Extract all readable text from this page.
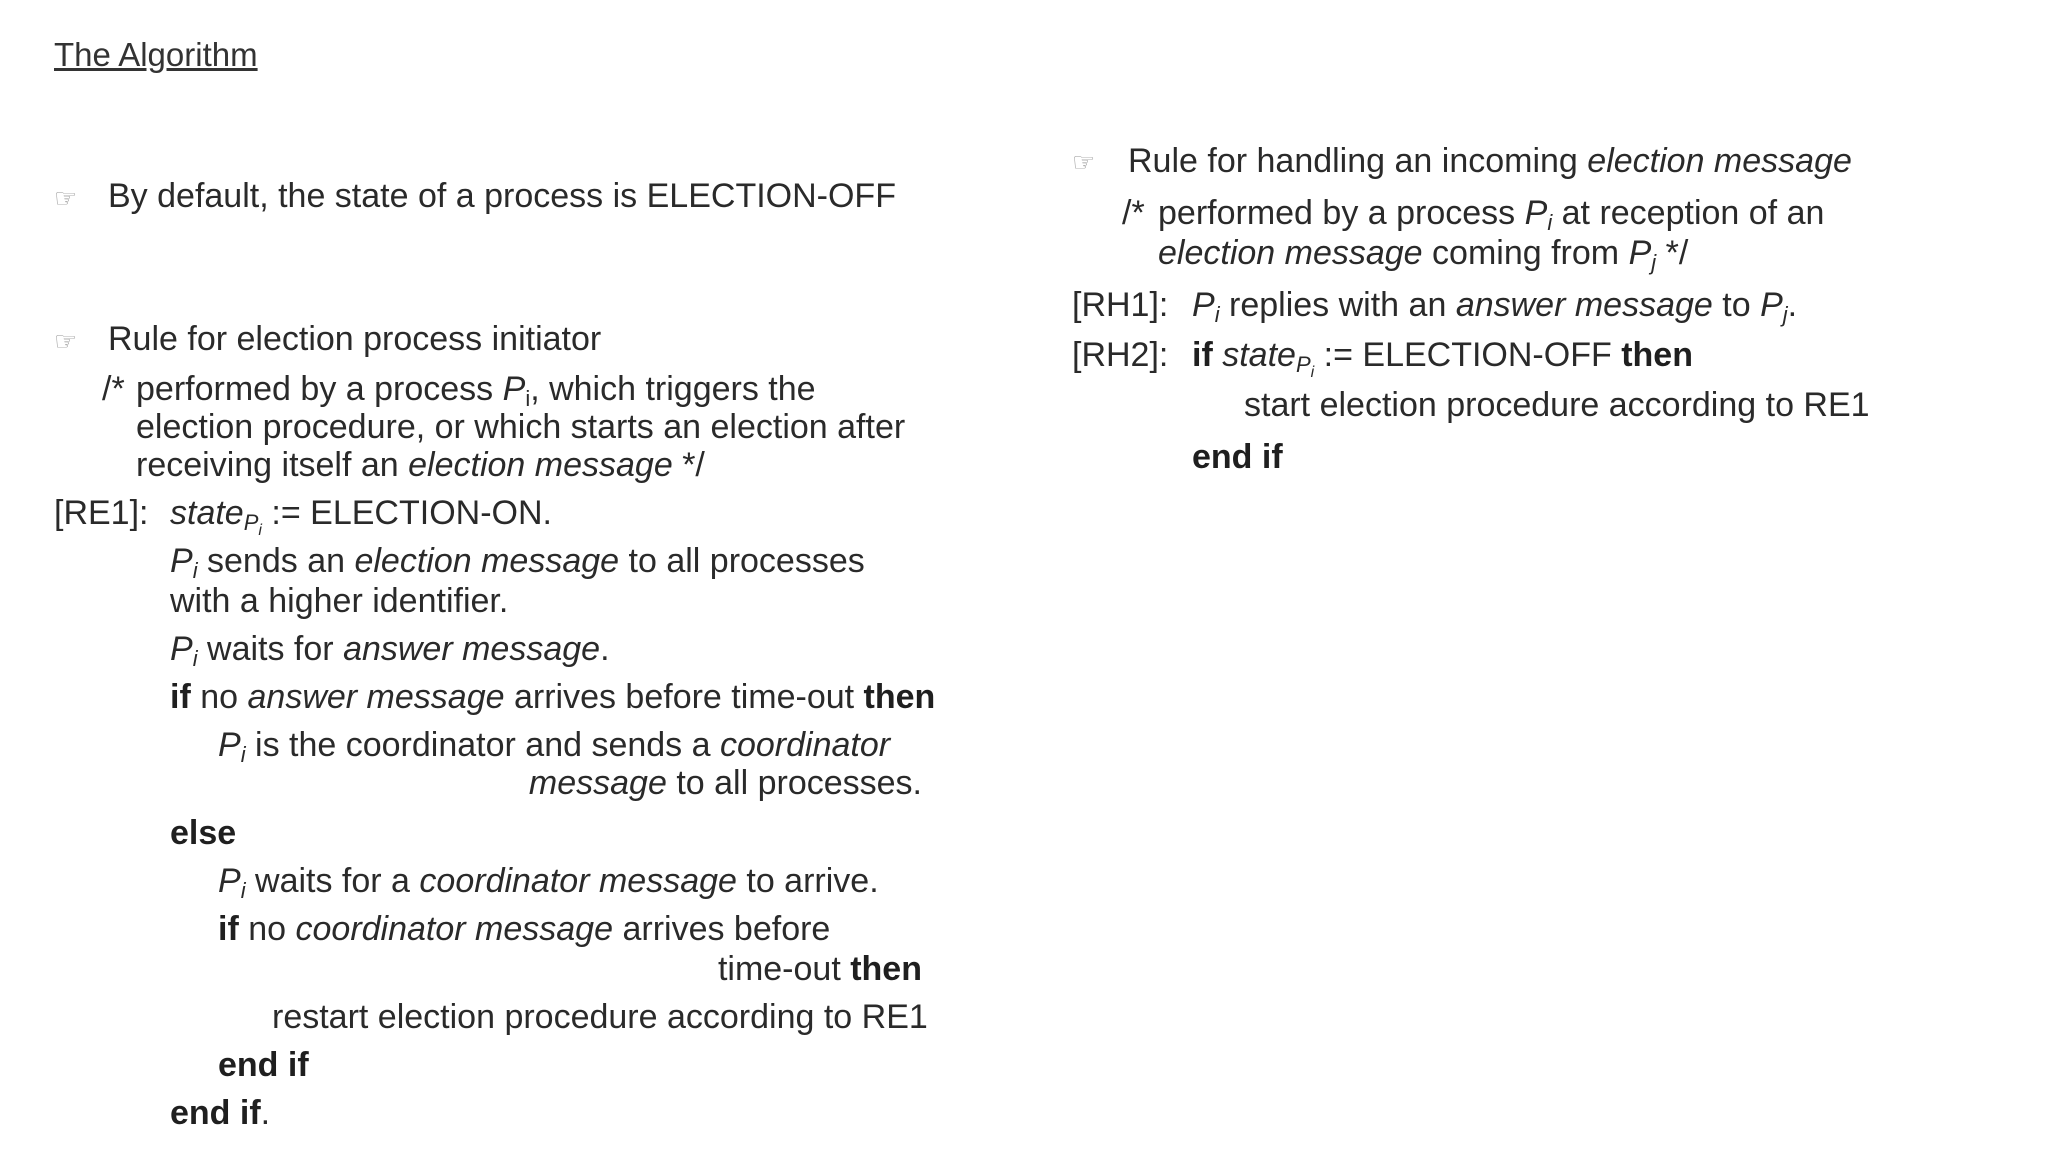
The Algorithm
☞
By default, the state of a process is ELECTION-OFF
☞
Rule for election process initiator
/* performed by a process $P_i$, which triggers the
election procedure, or which starts an election after
receiving itself an election message */
[RE1]: state$_{P_i}$ := ELECTION-ON.
$P_i$ sends an election message to all processes
with a higher identifier.
$P_i$ waits for answer message.
if no answer message arrives before time-out then
$P_i$ is the coordinator and sends a coordinator
message to all processes.
else
$P_i$ waits for a coordinator message to arrive.
if no coordinator message arrives before
time-out then
restart election procedure according to RE1
end if
end if.
☞
Rule for handling an incoming election message
/* performed by a process $P_i$ at reception of an
election message coming from $P_j$ */
[RH1]: $P_i$ replies with an answer message to $P_j$.
[RH2]: if state$_{P_i}$ := ELECTION-OFF then
start election procedure according to RE1
end if
